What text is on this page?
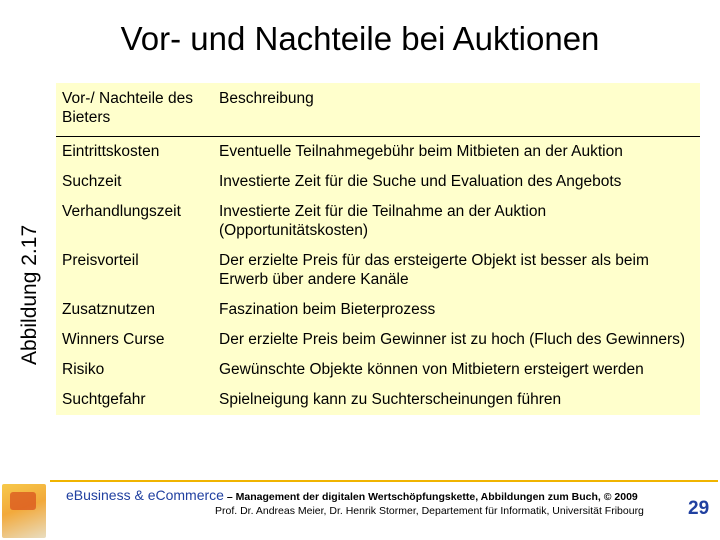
Vor- und Nachteile bei Auktionen
Abbildung 2.17
Vor-/ Nachteile des Bieters	Beschreibung
Eintrittskosten	Eventuelle Teilnahmegebühr beim Mitbieten an der Auktion
Suchzeit	Investierte Zeit für die Suche und Evaluation des Angebots
Verhandlungszeit	Investierte Zeit für die Teilnahme an der Auktion (Opportunitätskosten)
Preisvorteil	Der erzielte Preis für das ersteigerte Objekt ist besser als beim Erwerb über andere Kanäle
Zusatznutzen	Faszination beim Bieterprozess
Winners Curse	Der erzielte Preis beim Gewinner ist zu hoch (Fluch des Gewinners)
Risiko	Gewünschte Objekte können von Mitbietern ersteigert werden
Suchtgefahr	Spielneigung kann zu Suchterscheinungen führen
eBusiness & eCommerce – Management der digitalen Wertschöpfungskette, Abbildungen zum Buch, © 2009
Prof. Dr. Andreas Meier, Dr. Henrik Stormer, Departement für Informatik, Universität Fribourg 29
